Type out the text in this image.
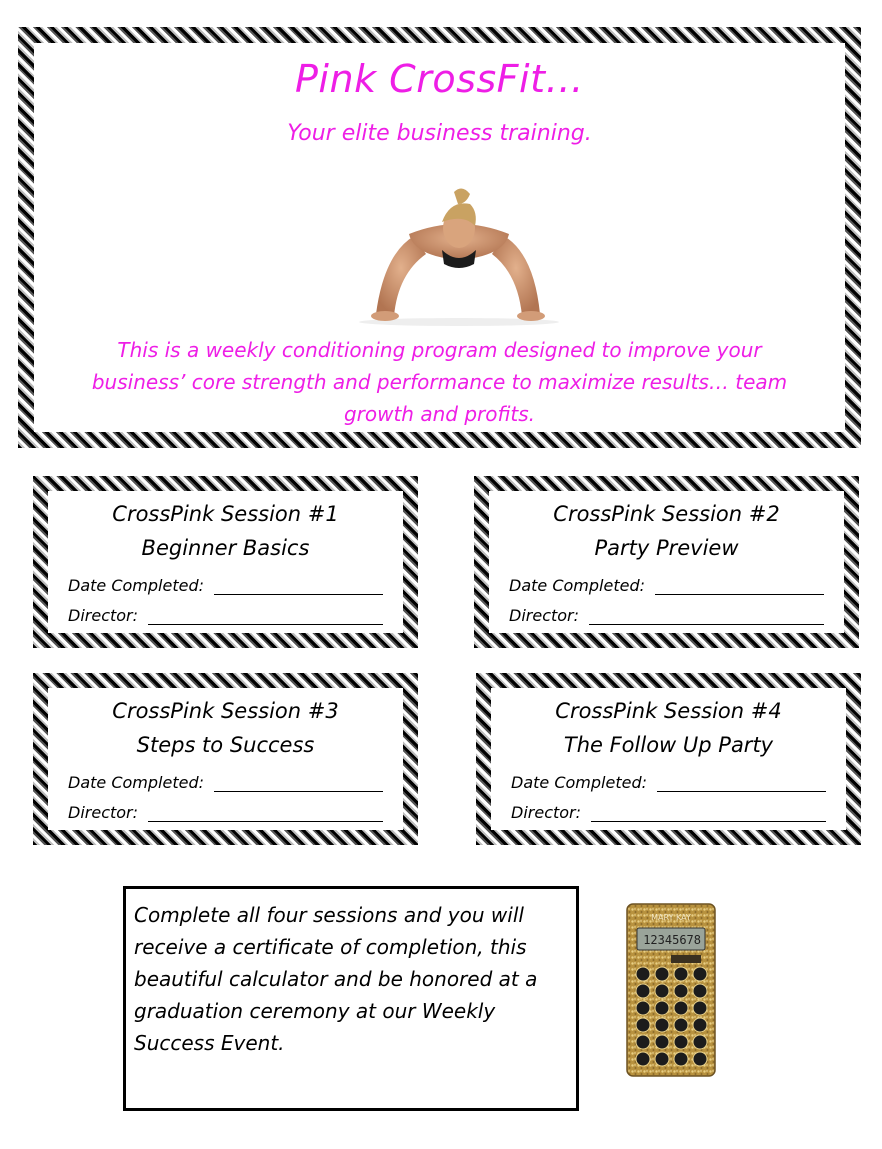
Pink CrossFit…

Your elite business training.

This is a weekly conditioning program designed to improve your business’ core strength and performance to maximize results… team growth and profits.

CrossPink Session #1

Beginner Basics

Date Completed:
Director:

CrossPink Session #2

Party Preview

Date Completed:
Director:

CrossPink Session #3

Steps to Success

Date Completed:
Director:

CrossPink Session #4

The Follow Up Party

Date Completed:
Director:

Complete all four sessions and you will receive a certificate of completion, this beautiful calculator and be honored at a graduation ceremony at our Weekly Success Event.

MARY KAY
12345678
